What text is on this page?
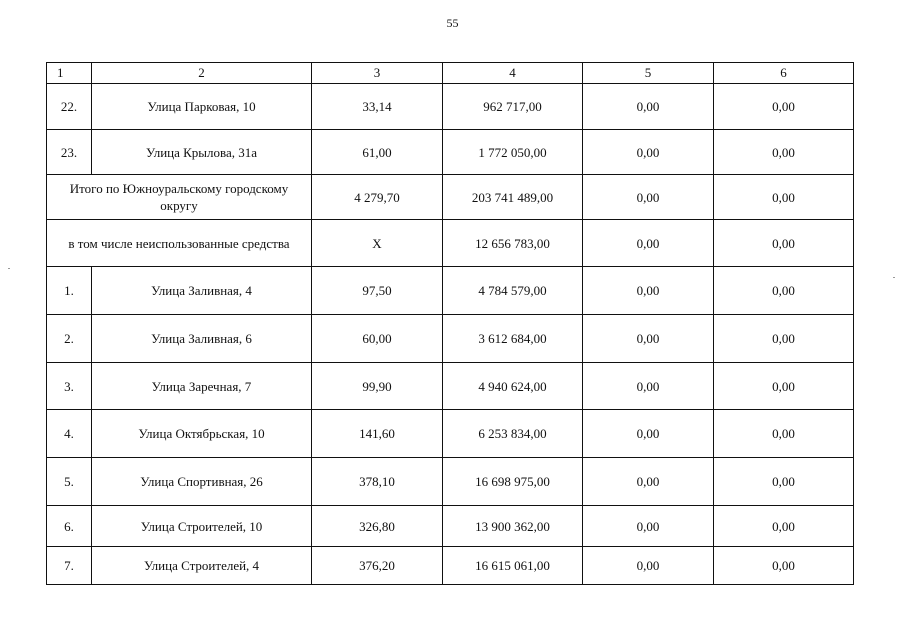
55
1	2	3	4	5	6
22.	Улица Парковая, 10	33,14	962 717,00	0,00	0,00
23.	Улица Крылова, 31а	61,00	1 772 050,00	0,00	0,00
Итого по Южноуральскому городскому округу		4 279,70	203 741 489,00	0,00	0,00
в том числе неиспользованные средства		Х	12 656 783,00	0,00	0,00
1.	Улица Заливная, 4	97,50	4 784 579,00	0,00	0,00
2.	Улица Заливная, 6	60,00	3 612 684,00	0,00	0,00
3.	Улица Заречная, 7	99,90	4 940 624,00	0,00	0,00
4.	Улица Октябрьская, 10	141,60	6 253 834,00	0,00	0,00
5.	Улица Спортивная, 26	378,10	16 698 975,00	0,00	0,00
6.	Улица Строителей, 10	326,80	13 900 362,00	0,00	0,00
7.	Улица Строителей, 4	376,20	16 615 061,00	0,00	0,00
